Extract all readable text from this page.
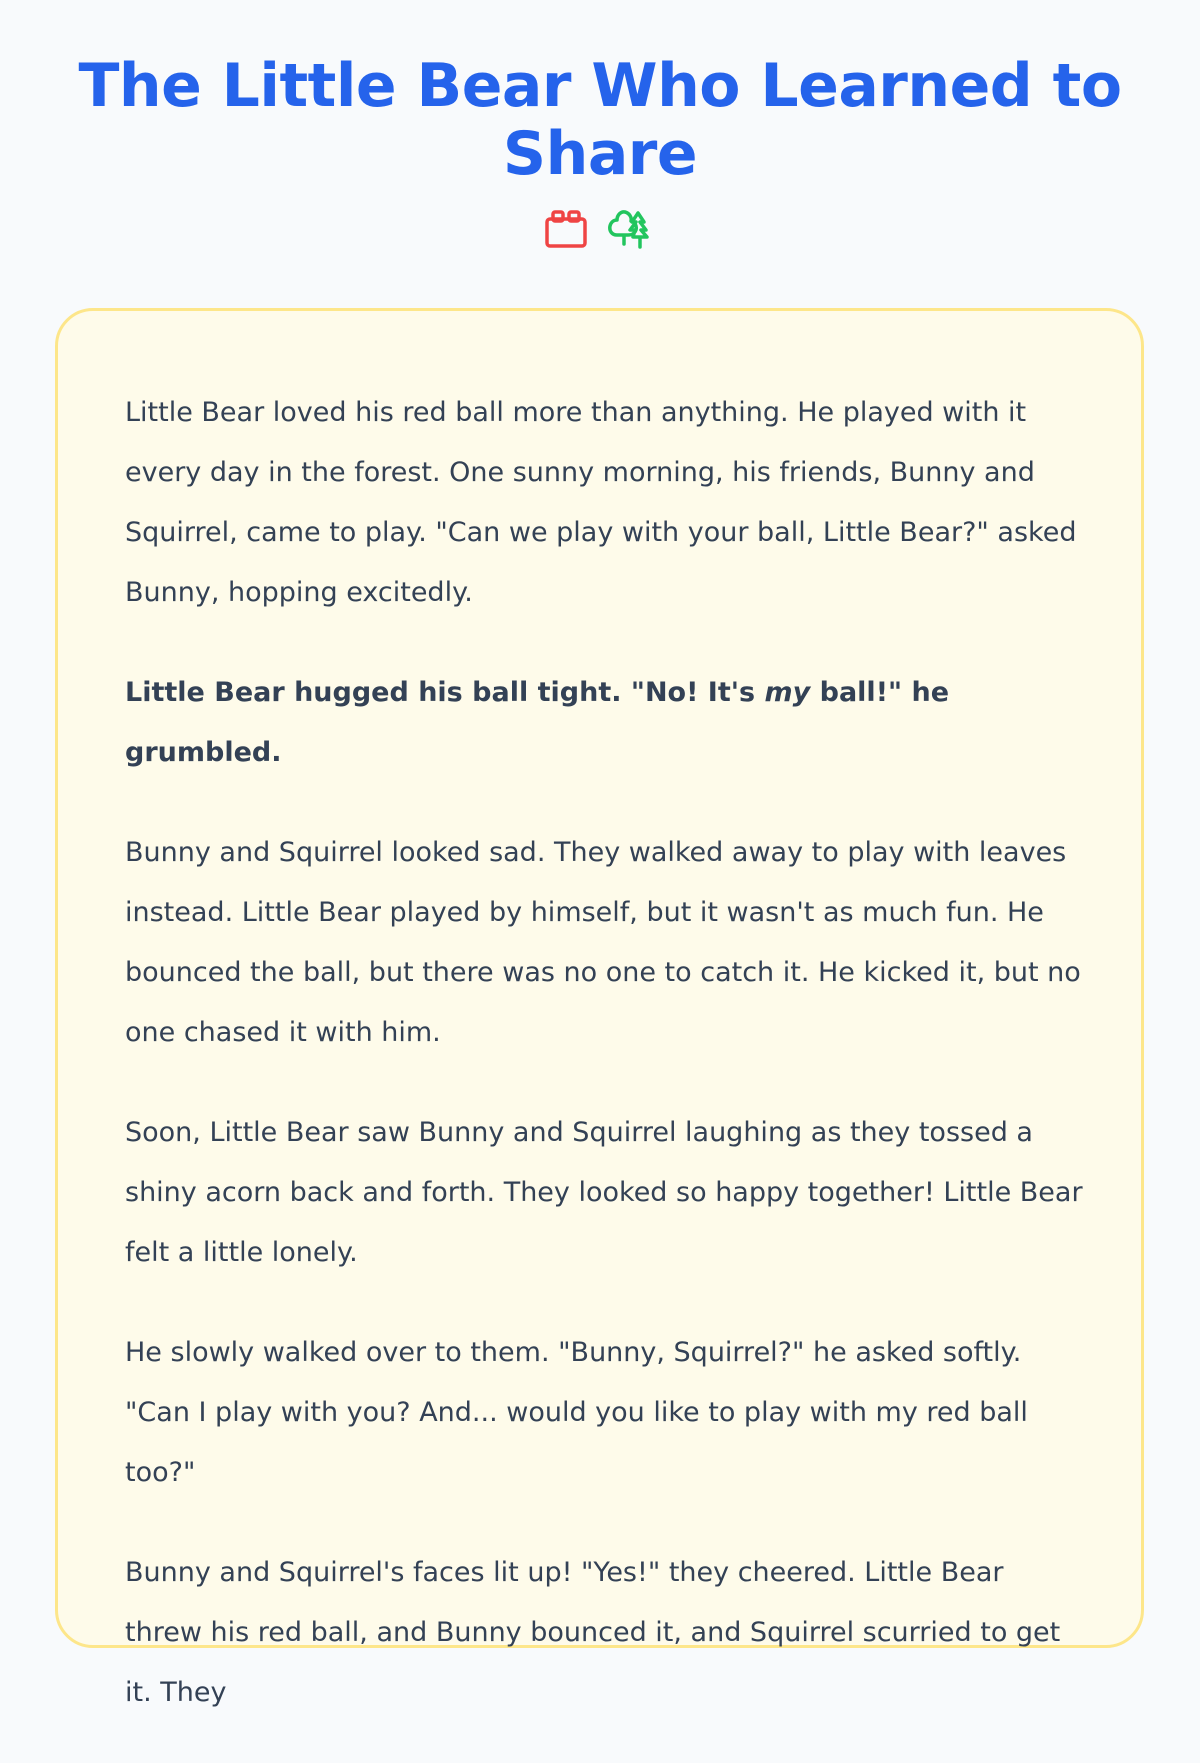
The Little Bear Who Learned to Share

Little Bear loved his red ball more than anything. He played with it every day in the forest. One sunny morning, his friends, Bunny and Squirrel, came to play. "Can we play with your ball, Little Bear?" asked Bunny, hopping excitedly.

Little Bear hugged his ball tight. "No! It's my ball!" he grumbled.

Bunny and Squirrel looked sad. They walked away to play with leaves instead. Little Bear played by himself, but it wasn't as much fun. He bounced the ball, but there was no one to catch it. He kicked it, but no one chased it with him.

Soon, Little Bear saw Bunny and Squirrel laughing as they tossed a shiny acorn back and forth. They looked so happy together! Little Bear felt a little lonely.

He slowly walked over to them. "Bunny, Squirrel?" he asked softly. "Can I play with you? And... would you like to play with my red ball too?"

Bunny and Squirrel's faces lit up! "Yes!" they cheered. Little Bear threw his red ball, and Bunny bounced it, and Squirrel scurried to get it. They
